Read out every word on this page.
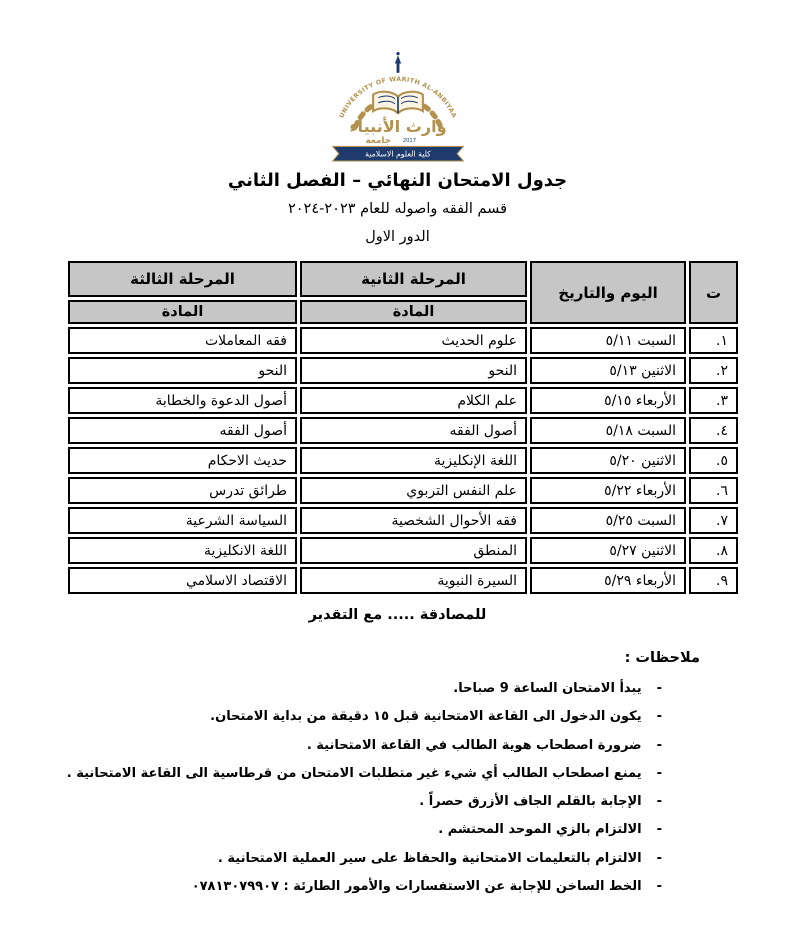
UNIVERSITY OF WARITH AL-ANBIYAA
وارث الأنبياء
جامعة 2017
كلية العلوم الاسلامية
جدول الامتحان النهائي – الفصل الثاني
قسم الفقه واصوله للعام ٢٠٢٣-٢٠٢٤
الدور الاول
ت	اليوم والتاريخ	المرحلة الثانية	المرحلة الثالثة
		المادة	المادة
١.	السبت ٥/١١	علوم الحديث	فقه المعاملات
٢.	الاثنين ٥/١٣	النحو	النحو
٣.	الأربعاء ٥/١٥	علم الكلام	أصول الدعوة والخطابة
٤.	السبت ٥/١٨	أصول الفقه	أصول الفقه
٥.	الاثنين ٥/٢٠	اللغة الإنكليزية	حديث الاحكام
٦.	الأربعاء ٥/٢٢	علم النفس التربوي	طرائق تدرس
٧.	السبت ٥/٢٥	فقه الأحوال الشخصية	السياسة الشرعية
٨.	الاثنين ٥/٢٧	المنطق	اللغة الانكليزية
٩.	الأربعاء ٥/٢٩	السيرة النبوية	الاقتصاد الاسلامي
للمصادقة ..... مع التقدير
ملاحظات :
-
يبدأ الامتحان الساعة 9 صباحا.
-
يكون الدخول الى القاعة الامتحانية قبل ١٥ دقيقة من بداية الامتحان.
-
ضرورة اصطحاب هوية الطالب في القاعة الامتحانية .
-
يمنع اصطحاب الطالب أي شيء غير متطلبات الامتحان من قرطاسية الى القاعة الامتحانية .
-
الإجابة بالقلم الجاف الأزرق حصراً .
-
الالتزام بالزي الموحد المحتشم .
-
الالتزام بالتعليمات الامتحانية والحفاظ على سير العملية الامتحانية .
-
الخط الساخن للإجابة عن الاستفسارات والأمور الطارئة : ٠٧٨١٣٠٧٩٩٠٧
